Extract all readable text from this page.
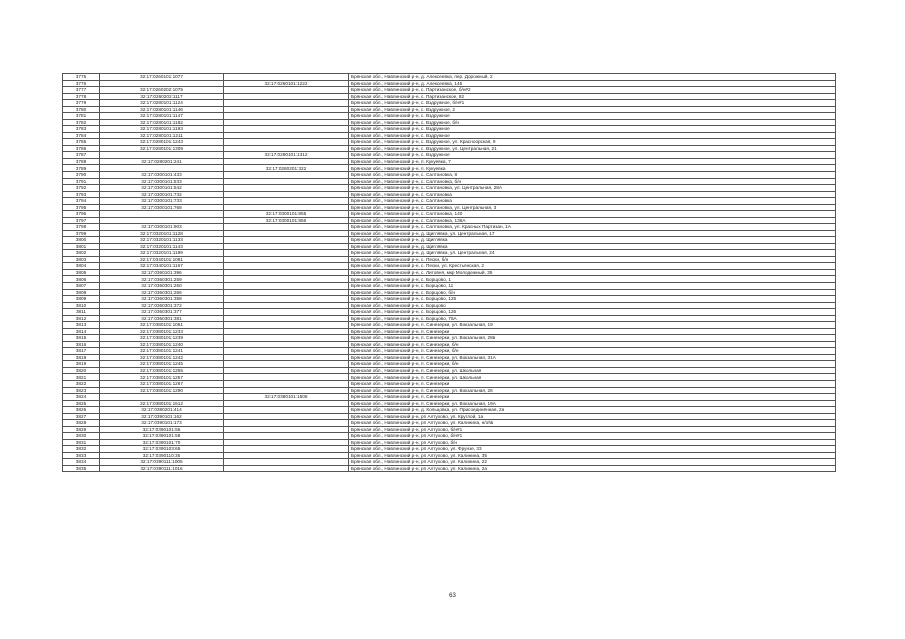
3775	32:17:0260101:1077		Брянская обл., Навлинский р-н, д. Алексеевка, пер. Дорожный, 2
3776		32:17:0260101:1222	Брянская обл., Навлинский р-н, д. Алексеевка, 146
3777	32:17:0260202:1075		Брянская обл., Навлинский р-н, с. Партизанское, б/н#2
3778	32:17:0260202:1117		Брянская обл., Навлинский р-н, с. Партизанское, 82
3779	32:17:0280101:1124		Брянская обл., Навлинский р-н, с. Вздружное, б/н#1
3780	32:17:0280101:1146		Брянская обл., Навлинский р-н, с. Вздружное, 2
3781	32:17:0280101:1147		Брянская обл., Навлинский р-н, с. Вздружное
3782	32:17:0280101:1182		Брянская обл., Навлинский р-н, с. Вздружное, б/н
3783	32:17:0280101:1193		Брянская обл., Навлинский р-н, с. Вздружное
3784	32:17:0280101:1211		Брянская обл., Навлинский р-н, с. Вздружное
3785	32:17:0280101:1243		Брянская обл., Навлинский р-н, с. Вздружное, ул. Красноорская, 9
3786	32:17:0280101:1309		Брянская обл., Навлинский р-н, с. Вздружное, ул. Центральная, 21
3787		32:17:0280101:1312	Брянская обл., Навлинский р-н, с. Вздружное
3788	32:17:0280201:241		Брянская обл., Навлинский р-н, п. Кукуевка, 7
3789		32:17:0280201:322	Брянская обл., Навлинский р-н, п. Кукуевка
3790	32:17:0300101:433		Брянская обл., Навлинский р-н, с. Салтановка, 8
3791	32:17:0300101:533		Брянская обл., Навлинский р-н, с. Салтановка, б/н
3792	32:17:0300101:542		Брянская обл., Навлинский р-н, с. Салтановка, ул. Центральная, 28А
3793	32:17:0300101:732		Брянская обл., Навлинский р-н, с. Салтановка
3794	32:17:0300101:733		Брянская обл., Навлинский р-н, с. Салтановка
3795	32:17:0300101:768		Брянская обл., Навлинский р-н, с. Салтановка, ул. Центральная, 3
3796		32:17:0300101:855	Брянская обл., Навлинский р-н, с. Салтановка, 140
3797		32:17:0300101:856	Брянская обл., Навлинский р-н, с. Салтановка, 136А
3798	32:17:0300101:903		Брянская обл., Навлинский р-н, с. Салтановка, ул. Красных Партизан, 1А
3799	32:17:0320101:1128		Брянская обл., Навлинский р-н, д. Щиглявка, ул. Центральная, 17
3800	32:17:0320101:1133		Брянская обл., Навлинский р-н, д. Щиглявка
3801	32:17:0320101:1143		Брянская обл., Навлинский р-н, д. Щиглявка
3802	32:17:0320101:1199		Брянская обл., Навлинский р-н, д. Щиглявка, ул. Центральная, 24
3803	32:17:0340101:1081		Брянская обл., Навлинский р-н, с. Пески, б/н
3804	32:17:0340101:1167		Брянская обл., Навлинский р-н, с. Пески, ул. Крестьянская, 2
3805	32:17:0360101:396		Брянская обл., Навлинский р-н, с. Литовня, мкр Молодежный, 35
3806	32:17:0360301:259		Брянская обл., Навлинский р-н, с. Борщово, 1
3807	32:17:0360301:260		Брянская обл., Навлинский р-н, с. Борщово, 11
3808	32:17:0360301:266		Брянская обл., Навлинский р-н, с. Борщово, б/н
3809	32:17:0360301:358		Брянская обл., Навлинский р-н, с. Борщово, 125
3810	32:17:0360301:372		Брянская обл., Навлинский р-н, с. Борщово
3811	32:17:0360301:377		Брянская обл., Навлинский р-н, с. Борщово, 125
3812	32:17:0360301:381		Брянская обл., Навлинский р-н, с. Борщово, 75А
3813	32:17:0380101:1061		Брянская обл., Навлинский р-н, п. Синезерки, ул. Вокзальная, 19
3814	32:17:0380101:1233		Брянская обл., Навлинский р-н, п. Синезерки
3815	32:17:0380101:1239		Брянская обл., Навлинский р-н, п. Синезерки, ул. Вокзальная, 28в
3816	32:17:0380101:1240		Брянская обл., Навлинский р-н, п. Синезерки, б/н
3817	32:17:0380101:1241		Брянская обл., Навлинский р-н, п. Синезерки, б/н
3818	32:17:0380101:1242		Брянская обл., Навлинский р-н, п. Синезерки, ул. Вокзальная, 31А
3819	32:17:0380101:1245		Брянская обл., Навлинский р-н, п. Синезерки, б/н
3820	32:17:0380101:1255		Брянская обл., Навлинский р-н, п. Синезерки, ул. Школьная
3821	32:17:0380101:1257		Брянская обл., Навлинский р-н, п. Синезерки, ул. Школьная
3822	32:17:0380101:1267		Брянская обл., Навлинский р-н, п. Синезерки
3823	32:17:0380101:1290		Брянская обл., Навлинский р-н, п. Синезерки, ул. Вокзальная, 26
3824		32:17:0380101:1506	Брянская обл., Навлинский р-н, п. Синезерки
3825	32:17:0380101:1512		Брянская обл., Навлинский р-н, п. Синезерки, ул. Вокзальная, 19А
3826	32:17:0380201:414		Брянская обл., Навлинский р-н, д. Кольцовка, ул. Присоединённая, 2а
3827	32:17:0390101:162		Брянская обл., Навлинский р-н, рп Алтухово, ул. Круглой, 1а
3828	32:17:0390101:173		Брянская обл., Навлинский р-н, рп Алтухово, ул. Калинина, н/о№
3829	32:17:0390101:56		Брянская обл., Навлинский р-н, рп Алтухово, б/н#1
3830	32:17:0390101:58		Брянская обл., Навлинский р-н, рп Алтухово, б/н#1
3831	32:17:0390101:70		Брянская обл., Навлинский р-н, рп Алтухово, б/н
3832	32:17:0390103:65		Брянская обл., Навлинский р-н, рп Алтухово, ул. Фрунзе, 33
3833	32:17:0390110:35		Брянская обл., Навлинский р-н, рп Алтухово, ул. Калинина, 35
3834	32:17:0390111:1005		Брянская обл., Навлинский р-н, рп Алтухово, ул. Калинина, 22
3835	32:17:0390111:1016		Брянская обл., Навлинский р-н, рп Алтухово, ул. Калинина, 2а
63
